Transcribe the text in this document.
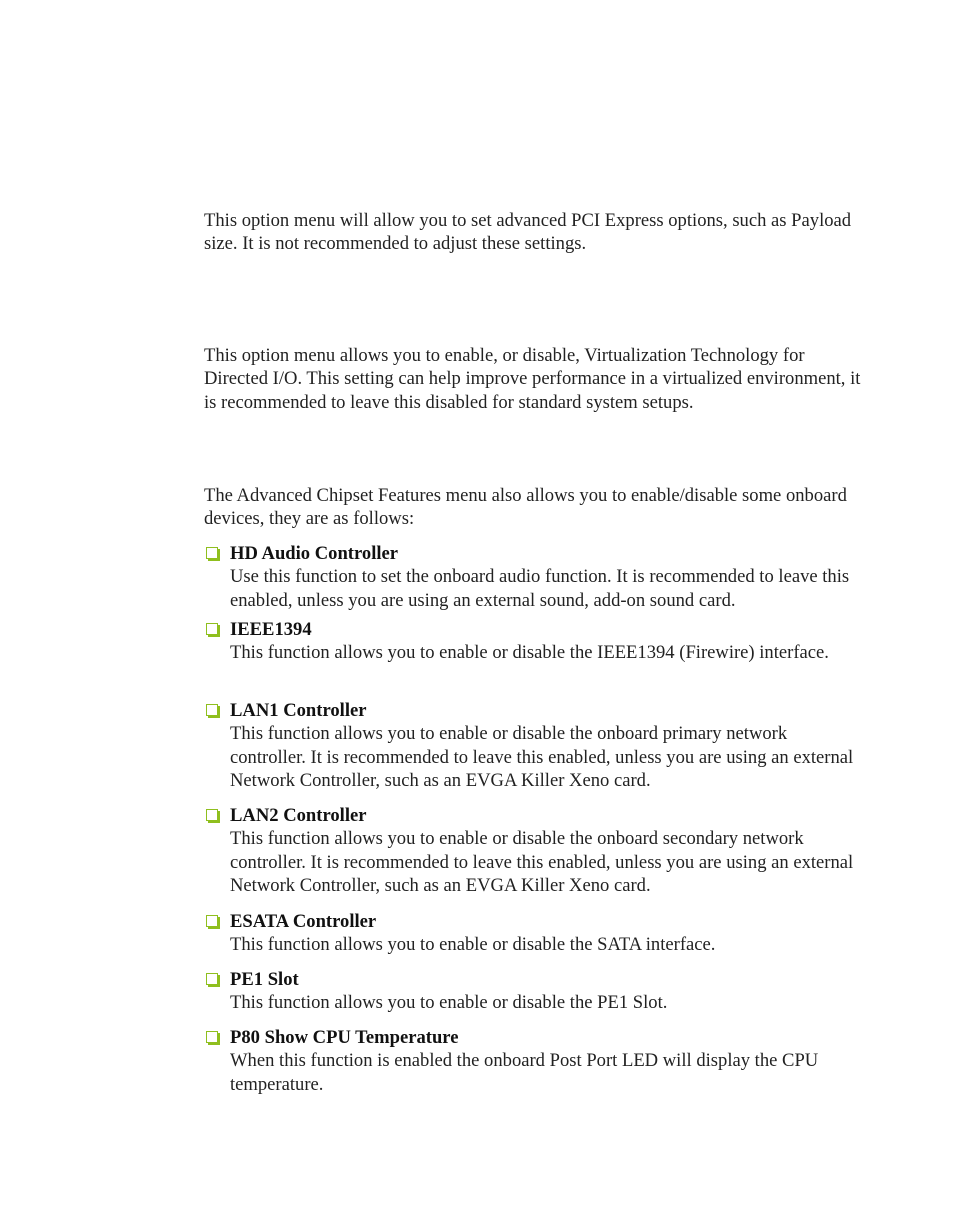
This option menu will allow you to set advanced PCI Express options, such as Payload size. It is not recommended to adjust these settings.

This option menu allows you to enable, or disable, Virtualization Technology for Directed I/O. This setting can help improve performance in a virtualized environment, it is recommended to leave this disabled for standard system setups.

The Advanced Chipset Features menu also allows you to enable/disable some onboard devices, they are as follows:

HD Audio Controller

Use this function to set the onboard audio function. It is recommended to leave this enabled, unless you are using an external sound, add-on sound card.

IEEE1394

This function allows you to enable or disable the IEEE1394 (Firewire) interface.

LAN1 Controller

This function allows you to enable or disable the onboard primary network controller. It is recommended to leave this enabled, unless you are using an external Network Controller, such as an EVGA Killer Xeno card.

LAN2 Controller

This function allows you to enable or disable the onboard secondary network controller. It is recommended to leave this enabled, unless you are using an external Network Controller, such as an EVGA Killer Xeno card.

ESATA Controller

This function allows you to enable or disable the SATA interface.

PE1 Slot

This function allows you to enable or disable the PE1 Slot.

P80 Show CPU Temperature

When this function is enabled the onboard Post Port LED will display the CPU temperature.
